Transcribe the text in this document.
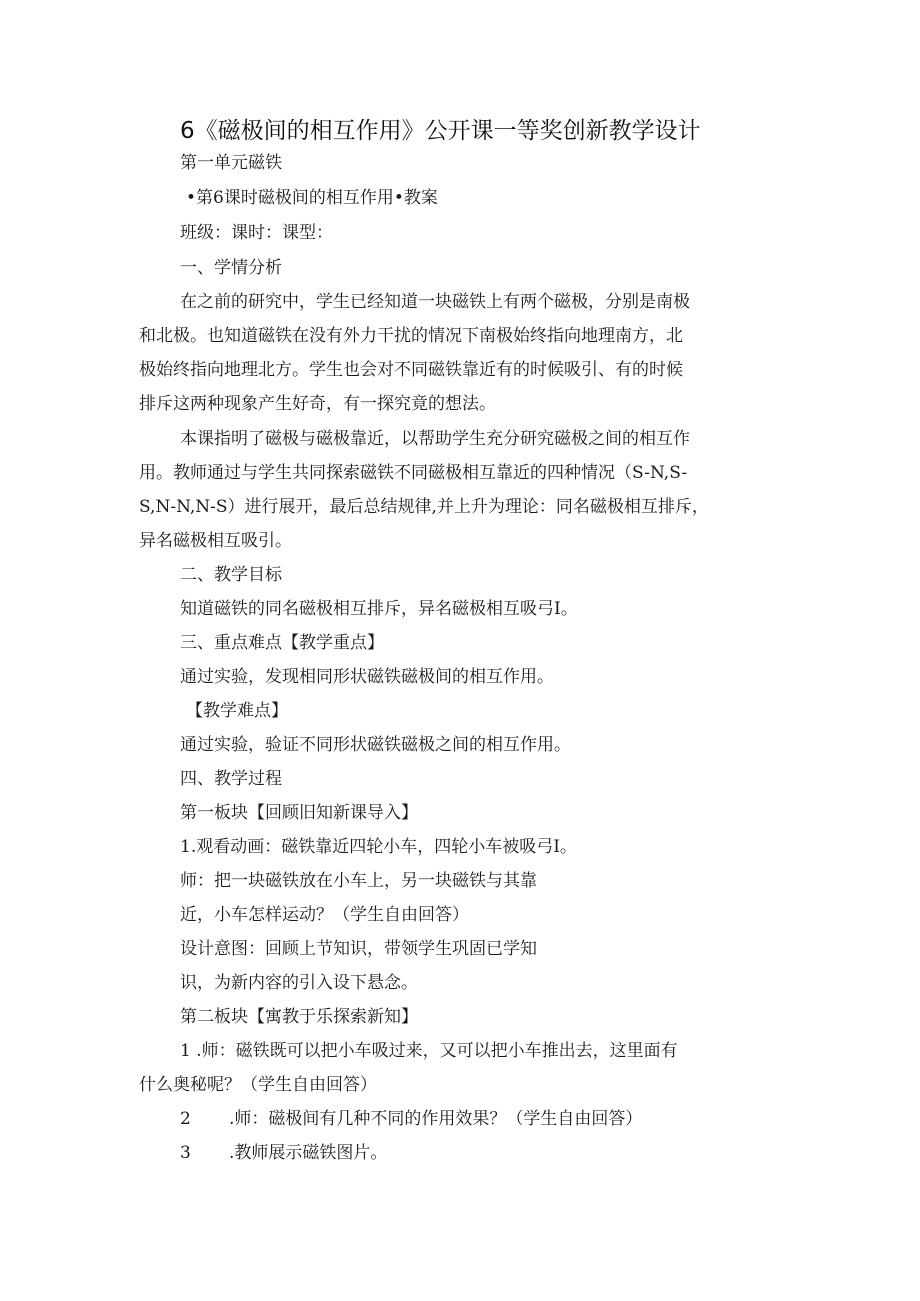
6《磁极间的相互作用》公开课一等奖创新教学设计
第一单元磁铁
•第6课时磁极间的相互作用•教案
班级：课时：课型：
一、学情分析
在之前的研究中，学生已经知道一块磁铁上有两个磁极，分别是南极
和北极。也知道磁铁在没有外力干扰的情况下南极始终指向地理南方，北
极始终指向地理北方。学生也会对不同磁铁靠近有的时候吸引、有的时候
排斥这两种现象产生好奇，有一探究竟的想法。
本课指明了磁极与磁极靠近，以帮助学生充分研究磁极之间的相互作
用。教师通过与学生共同探索磁铁不同磁极相互靠近的四种情况（S-N,S-
S,N-N,N-S）进行展开，最后总结规律,并上升为理论：同名磁极相互排斥，
异名磁极相互吸引。
二、教学目标
知道磁铁的同名磁极相互排斥，异名磁极相互吸弓I。
三、重点难点【教学重点】
通过实验，发现相同形状磁铁磁极间的相互作用。
【教学难点】
通过实验，验证不同形状磁铁磁极之间的相互作用。
四、教学过程
第一板块【回顾旧知新课导入】
1.观看动画：磁铁靠近四轮小车，四轮小车被吸弓I。
师：把一块磁铁放在小车上，另一块磁铁与其靠
近，小车怎样运动？（学生自由回答）
设计意图：回顾上节知识，带领学生巩固已学知
识，为新内容的引入设下悬念。
第二板块【寓教于乐探索新知】
1 .师：磁铁既可以把小车吸过来，又可以把小车推出去，这里面有
什么奥秘呢？（学生自由回答）
2 .师：磁极间有几种不同的作用效果？（学生自由回答）
3 .教师展示磁铁图片。
